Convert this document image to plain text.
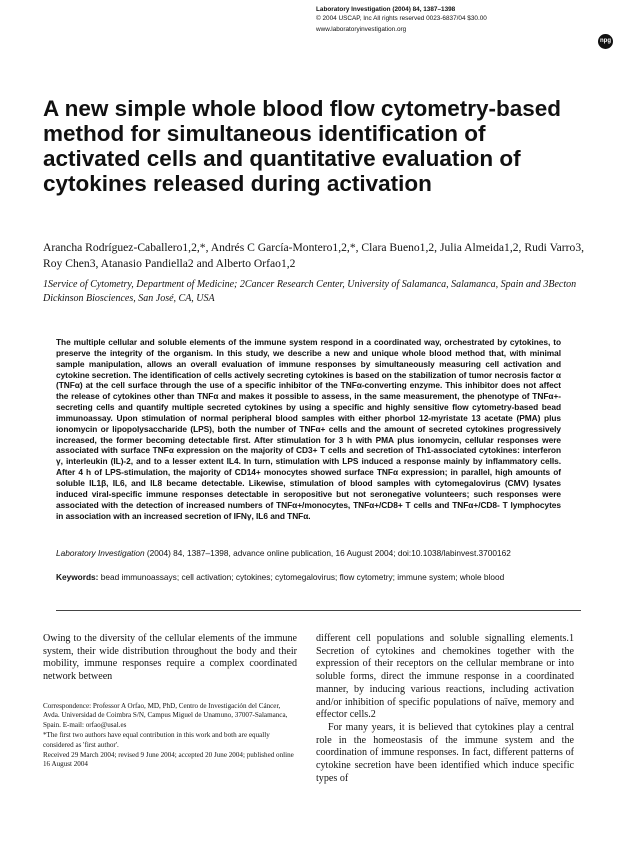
Laboratory Investigation (2004) 84, 1387–1398
© 2004 USCAP, Inc All rights reserved 0023-6837/04 $30.00
www.laboratoryinvestigation.org
npg
A new simple whole blood flow cytometry-based method for simultaneous identification of activated cells and quantitative evaluation of cytokines released during activation
Arancha Rodríguez-Caballero1,2,*, Andrés C García-Montero1,2,*, Clara Bueno1,2, Julia Almeida1,2, Rudi Varro3, Roy Chen3, Atanasio Pandiella2 and Alberto Orfao1,2
1Service of Cytometry, Department of Medicine; 2Cancer Research Center, University of Salamanca, Salamanca, Spain and 3Becton Dickinson Biosciences, San José, CA, USA

The multiple cellular and soluble elements of the immune system respond in a coordinated way, orchestrated by cytokines, to preserve the integrity of the organism. In this study, we describe a new and unique whole blood method that, with minimal sample manipulation, allows an overall evaluation of immune responses by simultaneously measuring cell activation and cytokine secretion. The identification of cells actively secreting cytokines is based on the stabilization of tumor necrosis factor α (TNFα) at the cell surface through the use of a specific inhibitor of the TNFα-converting enzyme. This inhibitor does not affect the release of cytokines other than TNFα and makes it possible to assess, in the same measurement, the phenotype of TNFα+-secreting cells and quantify multiple secreted cytokines by using a specific and highly sensitive flow cytometry-based bead immunoassay. Upon stimulation of normal peripheral blood samples with either phorbol 12-myristate 13 acetate (PMA) plus ionomycin or lipopolysaccharide (LPS), both the number of TNFα+ cells and the amount of secreted cytokines progressively increased, the former becoming detectable first. After stimulation for 3 h with PMA plus ionomycin, cellular responses were associated with surface TNFα expression on the majority of CD3+ T cells and secretion of Th1-associated cytokines: interferon γ, interleukin (IL)-2, and to a lesser extent IL4. In turn, stimulation with LPS induced a response mainly by inflammatory cells. After 4 h of LPS-stimulation, the majority of CD14+ monocytes showed surface TNFα expression; in parallel, high amounts of soluble IL1β, IL6, and IL8 became detectable. Likewise, stimulation of blood samples with cytomegalovirus (CMV) lysates induced viral-specific immune responses detectable in seropositive but not seronegative volunteers; such responses were associated with the detection of increased numbers of TNFα+/monocytes, TNFα+/CD8+ T cells and TNFα+/CD8- T lymphocytes in association with an increased secretion of IFNγ, IL6 and TNFα.

Laboratory Investigation (2004) 84, 1387–1398, advance online publication, 16 August 2004; doi:10.1038/labinvest.3700162
Keywords: bead immunoassays; cell activation; cytokines; cytomegalovirus; flow cytometry; immune system; whole blood

Owing to the diversity of the cellular elements of the immune system, their wide distribution throughout the body and their mobility, immune responses require a complex coordinated network between

Correspondence: Professor A Orfao, MD, PhD, Centro de Investigación del Cáncer, Avda. Universidad de Coimbra S/N, Campus Miguel de Unamuno, 37007-Salamanca, Spain. E-mail: orfao@usal.es

*The first two authors have equal contribution in this work and both are equally considered as 'first author'.

Received 29 March 2004; revised 9 June 2004; accepted 20 June 2004; published online 16 August 2004

different cell populations and soluble signalling elements.1 Secretion of cytokines and chemokines together with the expression of their receptors on the cellular membrane or into soluble forms, direct the immune response in a coordinated manner, by inducing various reactions, including activation and/or inhibition of specific populations of naïve, memory and effector cells.2

For many years, it is believed that cytokines play a central role in the homeostasis of the immune system and the coordination of immune responses. In fact, different patterns of cytokine secretion have been identified which induce specific types of
